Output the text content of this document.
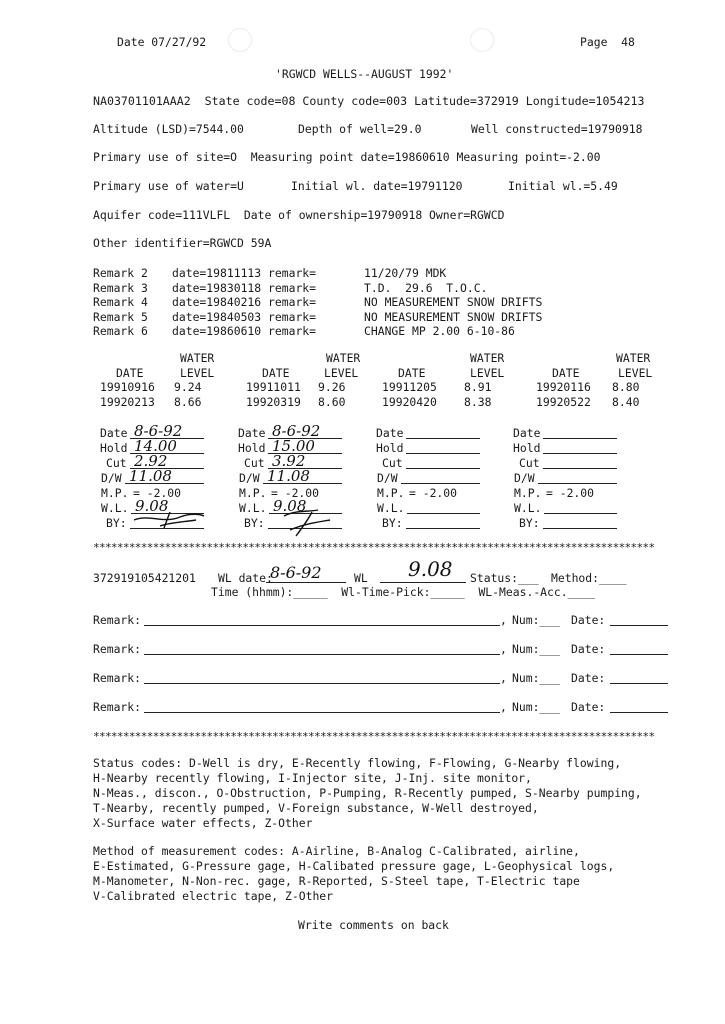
Date 07/27/92	Page  48
'RGWCD WELLS--AUGUST 1992'
NA03701101AAA2  State code=08 County code=003 Latitude=372919 Longitude=1054213
Altitude (LSD)=7544.00	Depth of well=29.0	Well constructed=19790918
Primary use of site=O  Measuring point date=19860610 Measuring point=-2.00
Primary use of water=U	Initial wl. date=19791120	Initial wl.=5.49
Aquifer code=111VLFL  Date of ownership=19790918 Owner=RGWCD
Other identifier=RGWCD 59A
Remark 2 date=19811113 remark=	11/20/79 MDK
Remark 3 date=19830118 remark=	T.D.  29.6  T.O.C.
Remark 4 date=19840216 remark=	NO MEASUREMENT SNOW DRIFTS
Remark 5 date=19840503 remark=	NO MEASUREMENT SNOW DRIFTS
Remark 6 date=19860610 remark=	CHANGE MP 2.00 6-10-86
WATER
DATE	LEVEL
WATER
DATE	LEVEL
WATER
DATE	LEVEL
WATER
DATE	LEVEL
19910916 9.24	19911011 9.26	19911205 8.91	19920116 8.80
19920213 8.66	19920319 8.60	19920420 8.38	19920522 8.40
Date 8-6-92
Hold 14.00
Cut 2.92
D/W 11.08
M.P. = -2.00
W.L. 9.08
BY:
Date 8-6-92
Hold 15.00
Cut 3.92
D/W 11.08
M.P. = -2.00
W.L. 9.08
BY:
Date
Hold
Cut
D/W
M.P. = -2.00
W.L.
BY:
Date
Hold
Cut
D/W
M.P. = -2.00
W.L.
BY:
**********************************************************************************************
372919105421201 WL date:
8-6-92	WL 9.08 Status:___ Method:____
Time (hhmm):_____  Wl-Time-Pick:_____  WL-Meas.-Acc.____
Remark:	, Num:___ Date:
Remark:	, Num:___ Date:
Remark:	, Num:___ Date:
Remark:	, Num:___ Date:
**********************************************************************************************
Status codes: D-Well is dry, E-Recently flowing, F-Flowing, G-Nearby flowing,
H-Nearby recently flowing, I-Injector site, J-Inj. site monitor,
N-Meas., discon., O-Obstruction, P-Pumping, R-Recently pumped, S-Nearby pumping,
T-Nearby, recently pumped, V-Foreign substance, W-Well destroyed,
X-Surface water effects, Z-Other
Method of measurement codes: A-Airline, B-Analog C-Calibrated, airline,
E-Estimated, G-Pressure gage, H-Calibated pressure gage, L-Geophysical logs,
M-Manometer, N-Non-rec. gage, R-Reported, S-Steel tape, T-Electric tape
V-Calibrated electric tape, Z-Other
Write comments on back
